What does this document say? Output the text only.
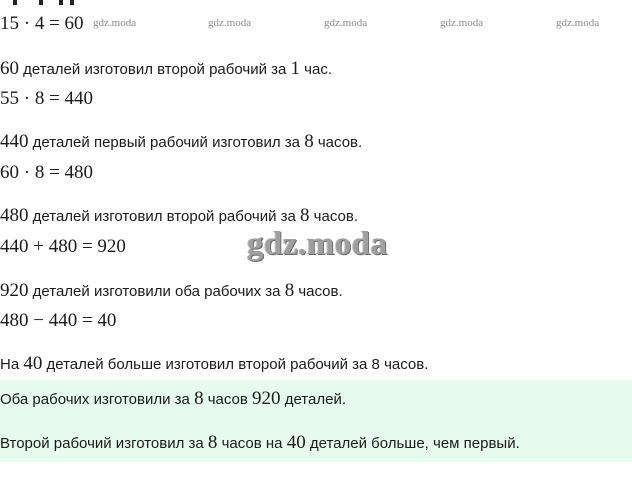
gdz.moda	gdz.moda	gdz.moda	gdz.moda	gdz.moda
15 · 4 = 60
60 деталей изготовил второй рабочий за 1 час.
55 · 8 = 440
440 деталей первый рабочий изготовил за 8 часов.
60 · 8 = 480
480 деталей изготовил второй рабочий за 8 часов.
440 + 480 = 920	gdz.moda
920 деталей изготовили оба рабочих за 8 часов.
480 − 440 = 40
На 40 деталей больше изготовил второй рабочий за 8 часов.
Оба рабочих изготовили за 8 часов 920 деталей.
Второй рабочий изготовил за 8 часов на 40 деталей больше, чем первый.
